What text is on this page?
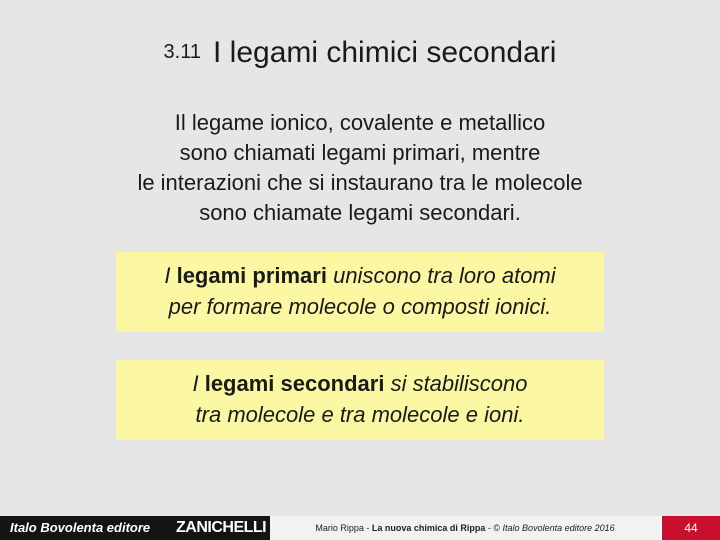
3.11 I legami chimici secondari
Il legame ionico, covalente e metallico
sono chiamati legami primari, mentre
le interazioni che si instaurano tra le molecole
sono chiamate legami secondari.
I legami primari uniscono tra loro atomi
per formare molecole o composti ionici.
I legami secondari si stabiliscono
tra molecole e tra molecole e ioni.
Italo Bovolenta editore ZANICHELLI	Mario Rippa - La nuova chimica di Rippa - © Italo Bovolenta editore 2016	44
